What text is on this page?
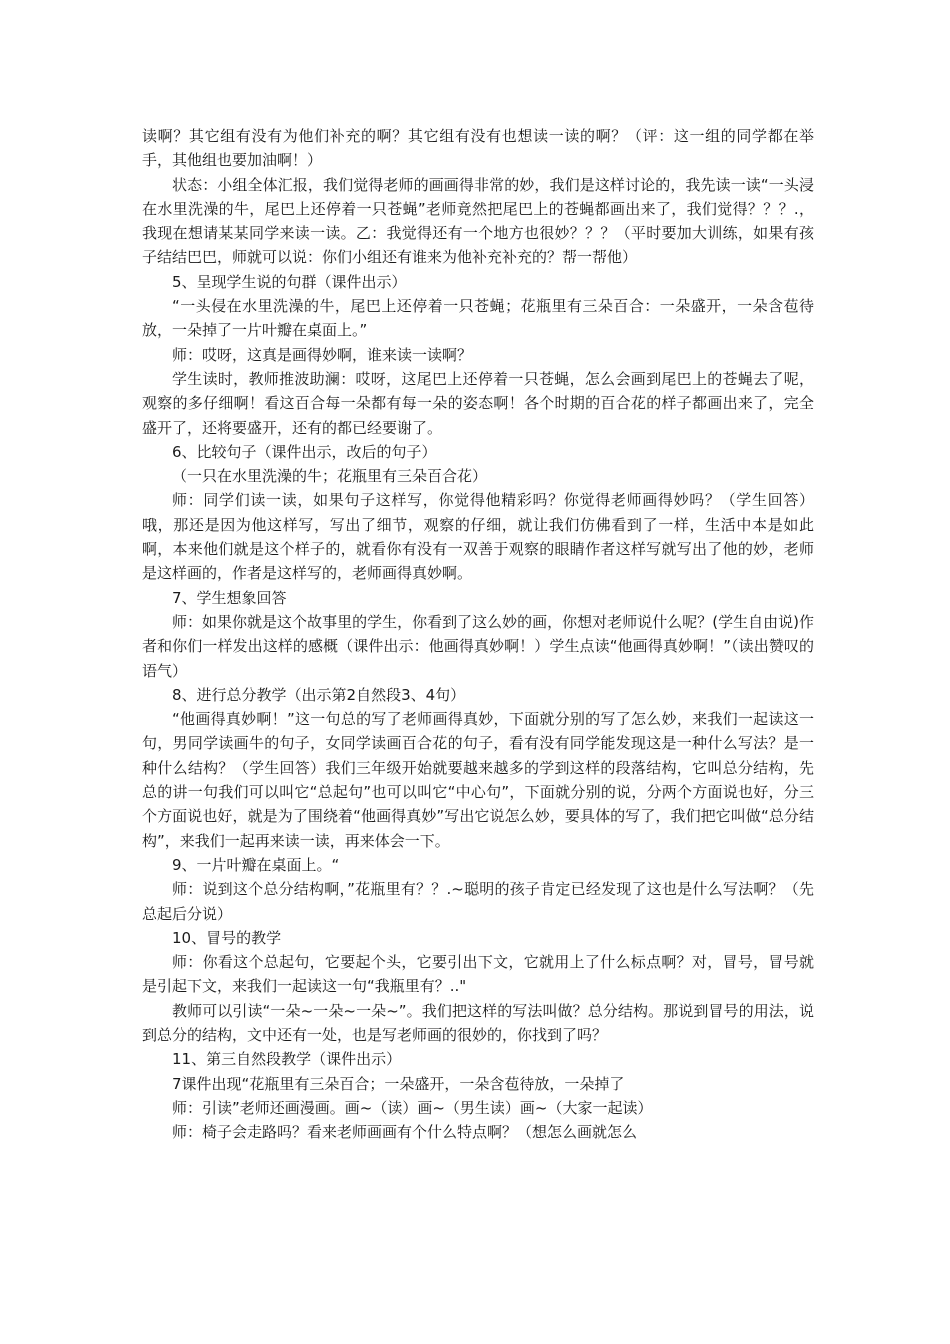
读啊？其它组有没有为他们补充的啊？其它组有没有也想读一读的啊？（评：这一组的同学都在举手，其他组也要加油啊！）

状态：小组全体汇报，我们觉得老师的画画得非常的妙，我们是这样讨论的，我先读一读“一头浸在水里洗澡的牛，尾巴上还停着一只苍蝇”老师竟然把尾巴上的苍蝇都画出来了，我们觉得？？？.，我现在想请某某同学来读一读。乙：我觉得还有一个地方也很妙？？？（平时要加大训练，如果有孩子结结巴巴，师就可以说：你们小组还有谁来为他补充补充的？帮一帮他）

5、呈现学生说的句群（课件出示）

“一头侵在水里洗澡的牛，尾巴上还停着一只苍蝇；花瓶里有三朵百合：一朵盛开，一朵含苞待放，一朵掉了一片叶瓣在桌面上。”

师：哎呀，这真是画得妙啊，谁来读一读啊？

学生读时，教师推波助澜：哎呀，这尾巴上还停着一只苍蝇，怎么会画到尾巴上的苍蝇去了呢，观察的多仔细啊！看这百合每一朵都有每一朵的姿态啊！各个时期的百合花的样子都画出来了，完全盛开了，还将要盛开，还有的都已经要谢了。

6、比较句子（课件出示，改后的句子）

（一只在水里洗澡的牛；花瓶里有三朵百合花）

师：同学们读一读，如果句子这样写，你觉得他精彩吗？你觉得老师画得妙吗？（学生回答）哦，那还是因为他这样写，写出了细节，观察的仔细，就让我们仿佛看到了一样，生活中本是如此啊，本来他们就是这个样子的，就看你有没有一双善于观察的眼睛作者这样写就写出了他的妙，老师是这样画的，作者是这样写的，老师画得真妙啊。

7、学生想象回答

师：如果你就是这个故事里的学生，你看到了这么妙的画，你想对老师说什么呢？(学生自由说)作者和你们一样发出这样的感概（课件出示：他画得真妙啊！）学生点读“他画得真妙啊！”（读出赞叹的语气）

8、进行总分教学（出示第2自然段3、4句）

“他画得真妙啊！”这一句总的写了老师画得真妙，下面就分别的写了怎么妙，来我们一起读这一句，男同学读画牛的句子，女同学读画百合花的句子，看有没有同学能发现这是一种什么写法？是一种什么结构？（学生回答）我们三年级开始就要越来越多的学到这样的段落结构，它叫总分结构，先总的讲一句我们可以叫它“总起句”也可以叫它“中心句”，下面就分别的说，分两个方面说也好，分三个方面说也好，就是为了围绕着“他画得真妙”写出它说怎么妙，要具体的写了，我们把它叫做“总分结构”，来我们一起再来读一读，再来体会一下。

9、一片叶瓣在桌面上。“

师：说到这个总分结构啊，”花瓶里有？？.~聪明的孩子肯定已经发现了这也是什么写法啊？（先总起后分说）

10、冒号的教学

师：你看这个总起句，它要起个头，它要引出下文，它就用上了什么标点啊？对，冒号，冒号就是引起下文，来我们一起读这一句“我瓶里有？.."

教师可以引读“一朵~一朵~一朵~”。我们把这样的写法叫做？总分结构。那说到冒号的用法，说到总分的结构，文中还有一处，也是写老师画的很妙的，你找到了吗？

11、第三自然段教学（课件出示）

7课件出现“花瓶里有三朵百合；一朵盛开，一朵含苞待放，一朵掉了

师：引读”老师还画漫画。画~（读）画~（男生读）画~（大家一起读）

师：椅子会走路吗？看来老师画画有个什么特点啊？（想怎么画就怎么
